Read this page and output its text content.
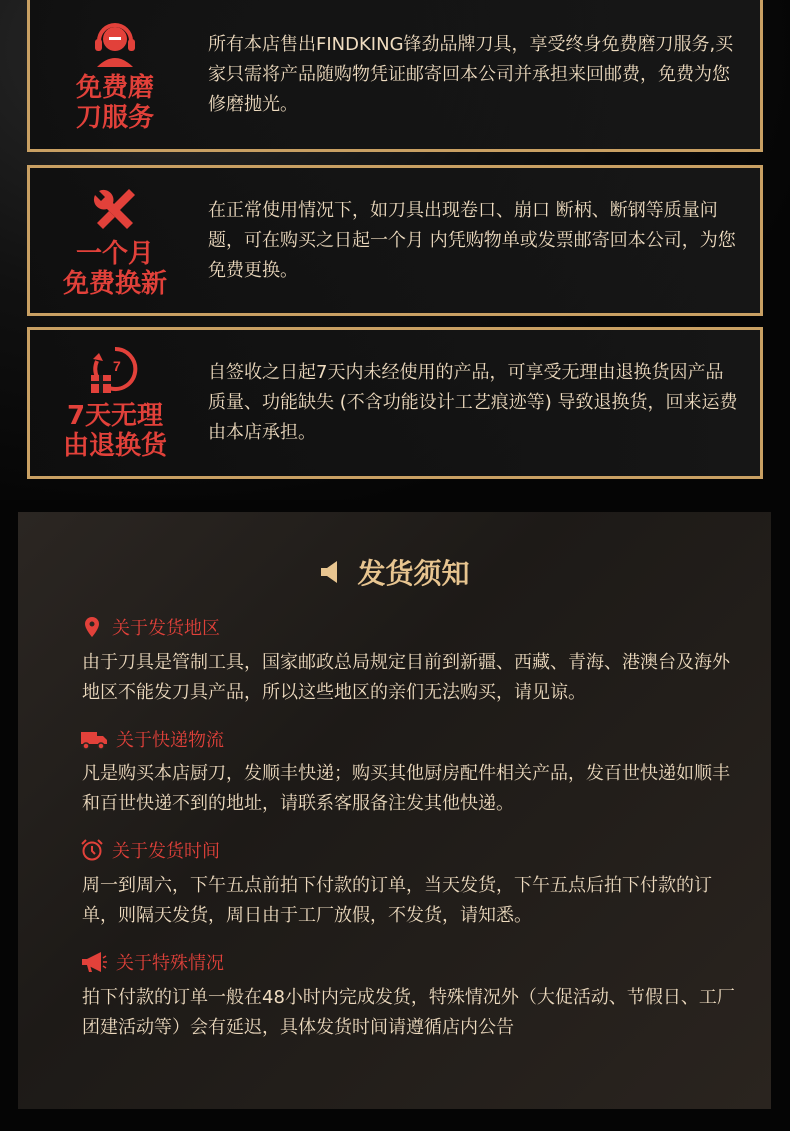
免费磨
刀服务
所有本店售出FINDKING锋劲品牌刀具，享受终身免费磨刀服务,买家只需将产品随购物凭证邮寄回本公司并承担来回邮费，免费为您修磨抛光。
一个月
免费换新
在正常使用情况下，如刀具出现卷口、崩口 断柄、断钢等质量问题，可在购买之日起一个月 内凭购物单或发票邮寄回本公司，为您免费更换。
7
7天无理
由退换货
自签收之日起7天内未经使用的产品，可享受无理由退换货因产品质量、功能缺失 (不含功能设计工艺痕迹等) 导致退换货，回来运费由本店承担。
发货须知
关于发货地区
由于刀具是管制工具，国家邮政总局规定目前到新疆、西藏、青海、港澳台及海外地区不能发刀具产品，所以这些地区的亲们无法购买，请见谅。
关于快递物流
凡是购买本店厨刀，发顺丰快递；购买其他厨房配件相关产品，发百世快递如顺丰和百世快递不到的地址，请联系客服备注发其他快递。
关于发货时间
周一到周六，下午五点前拍下付款的订单，当天发货，下午五点后拍下付款的订单，则隔天发货，周日由于工厂放假，不发货，请知悉。
关于特殊情况
拍下付款的订单一般在48小时内完成发货，特殊情况外（大促活动、节假日、工厂团建活动等）会有延迟，具体发货时间请遵循店内公告
